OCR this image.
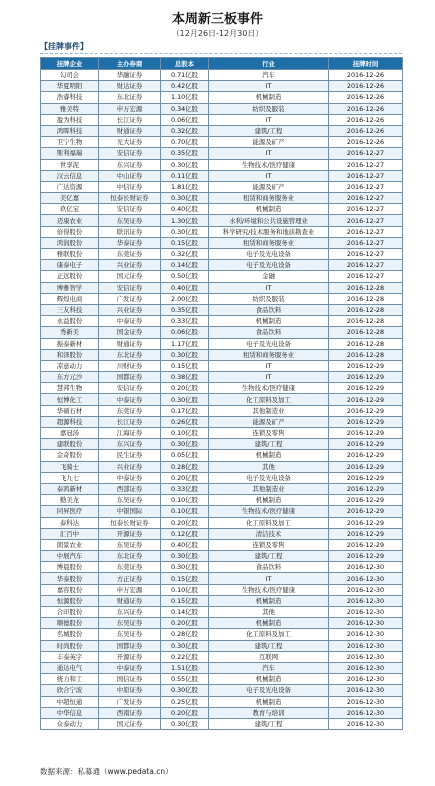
本周新三板事件
（12月26日-12月30日）
【挂牌事件】
挂牌企业	主办券商	总股本	行业	挂牌时间
勾司会	华融证券	0.71亿股	汽车	2016-12-26
华夏明阳	财达证券	0.42亿股	IT	2016-12-26
浩睿科技	东北证券	1.10亿股	机械制造	2016-12-26
雅美特	申万宏源	0.34亿股	纺织及服装	2016-12-26
盈为科技	长江证券	0.06亿股	IT	2016-12-26
鸿晖科技	财通证券	0.32亿股	建筑/工程	2016-12-26
卫宁生物	光大证券	0.70亿股	能源及矿产	2016-12-26
斯利福瑞	安信证券	0.35亿股	IT	2016-12-27
世享泥	东兴证券	0.30亿股	生物技术/医疗健康	2016-12-27
汉云信息	中山证券	0.11亿股	IT	2016-12-27
广达资源	中信证券	1.81亿股	能源及矿产	2016-12-27
美亿嘉	恒泰长财证券	0.30亿股	租赁和商务服务业	2016-12-27
玖亿宝	安信证券	0.40亿股	机械制造	2016-12-27
迈康农业	东吴证券	1.30亿股	水利/环境和公共设施管理业	2016-12-27
倍得股份	联讯证券	0.30亿股	科学研究/技术服务和地质勘查业	2016-12-27
鸿润股份	华泰证券	0.15亿股	租赁和商务服务业	2016-12-27
雅联股份	东莞证券	0.32亿股	电子及光电设备	2016-12-27
康泰电子	兴业证券	0.14亿股	电子及光电设备	2016-12-27
正远股份	国元证券	0.50亿股	金融	2016-12-27
博雅智学	安信证券	0.40亿股	IT	2016-12-28
辉煌电商	广发证券	2.00亿股	纺织及服装	2016-12-28
三友科技	兴业证券	0.35亿股	食品饮料	2016-12-28
永益股份	中泰证券	0.33亿股	机械制造	2016-12-28
秀新美	国金证券	0.06亿股	食品饮料	2016-12-28
振泰新材	财通证券	1.17亿股	电子及光电设备	2016-12-28
和泽股份	东北证券	0.30亿股	租赁和商务服务业	2016-12-28
凉意动力	川财证券	0.15亿股	IT	2016-12-29
东方元沙	国都证券	0.38亿股	IT	2016-12-29
慧邦生物	安信证券	0.20亿股	生物技术/医疗健康	2016-12-29
恒博化工	中泰证券	0.30亿股	化工原料及加工	2016-12-29
华硕石材	东莞证券	0.17亿股	其他制造业	2016-12-29
超源科技	长江证券	0.26亿股	能源及矿产	2016-12-29
嘉冠汤	江海证券	0.10亿股	连锁及零售	2016-12-29
建联股份	东兴证券	0.30亿股	建筑/工程	2016-12-29
金奇股份	民生证券	0.05亿股	机械制造	2016-12-29
飞骑士	兴业证券	0.28亿股	其他	2016-12-29
飞九七	中泰证券	0.20亿股	电子及光电设备	2016-12-29
泰鸿新材	西部证券	0.33亿股	其他制造业	2016-12-29
勤美龙	东吴证券	0.10亿股	机械制造	2016-12-29
同昇医疗	中银国际	0.10亿股	生物技术/医疗健康	2016-12-29
泰科达	恒泰长财证券	0.20亿股	化工原料及加工	2016-12-29
汇百中	开源证券	0.12亿股	清洁技术	2016-12-29
朗景农业	东吴证券	0.40亿股	连锁及零售	2016-12-29
中展汽车	东北证券	0.30亿股	建筑/工程	2016-12-29
博晨股份	东莞证券	0.30亿股	食品饮料	2016-12-30
华泰股份	方正证券	0.15亿股	IT	2016-12-30
嘉容股份	申万宏源	0.10亿股	生物技术/医疗健康	2016-12-30
恒源股份	财通证券	0.15亿股	机械制造	2016-12-30
合印股份	东兴证券	0.14亿股	其他	2016-12-30
顺德股份	东吴证券	0.20亿股	机械制造	2016-12-30
名城股份	东吴证券	0.28亿股	化工原料及加工	2016-12-30
时尚股份	国都证券	0.30亿股	建筑/工程	2016-12-30
丰泰英宇	开源证券	0.22亿股	互联网	2016-12-30
通达电气	中泰证券	1.51亿股	汽车	2016-12-30
统力和工	国信证券	0.55亿股	机械制造	2016-12-30
欣合宁波	中原证券	0.30亿股	电子及光电设备	2016-12-30
中超恒通	广发证券	0.25亿股	机械制造	2016-12-30
中华信息	西南证券	0.20亿股	教育与培训	2016-12-30
众泰动力	国元证券	0.30亿股	建筑/工程	2016-12-30
数据来源：私募通（www.pedata.cn）
